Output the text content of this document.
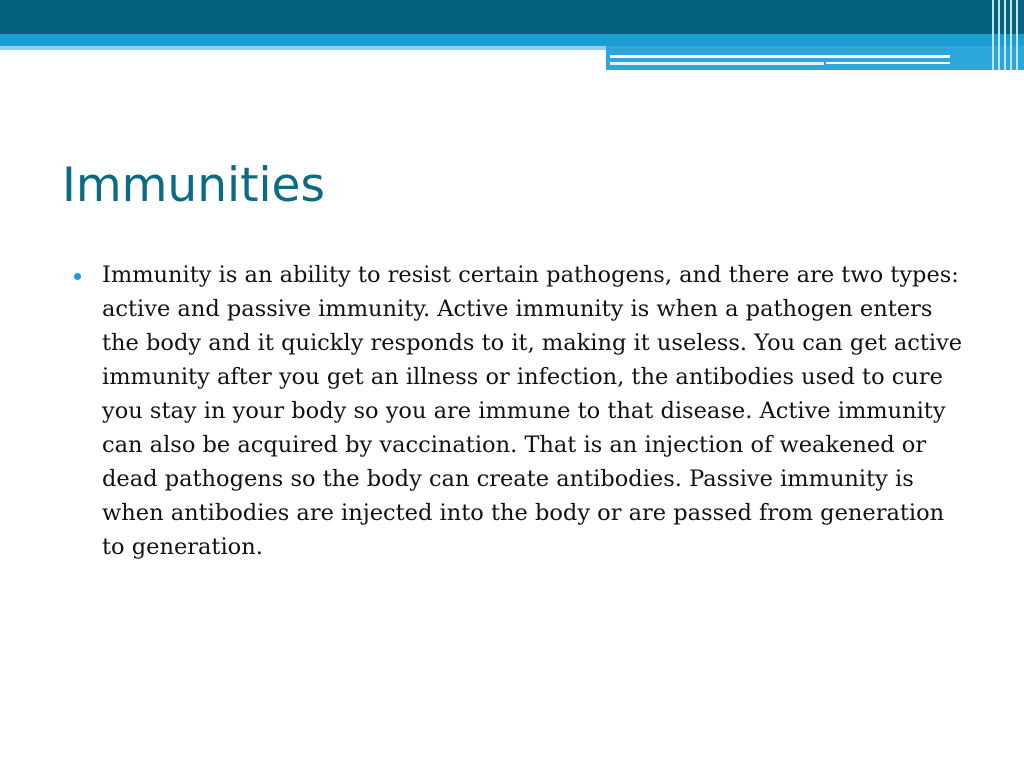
Immunities
Immunity is an ability to resist certain pathogens, and there are two types: active and passive immunity. Active immunity is when a pathogen enters the body and it quickly responds to it, making it useless. You can get active immunity after you get an illness or infection, the antibodies used to cure you stay in your body so you are immune to that disease. Active immunity can also be acquired by vaccination. That is an injection of weakened or dead pathogens so the body can create antibodies. Passive immunity is when antibodies are injected into the body or are passed from generation to generation.
